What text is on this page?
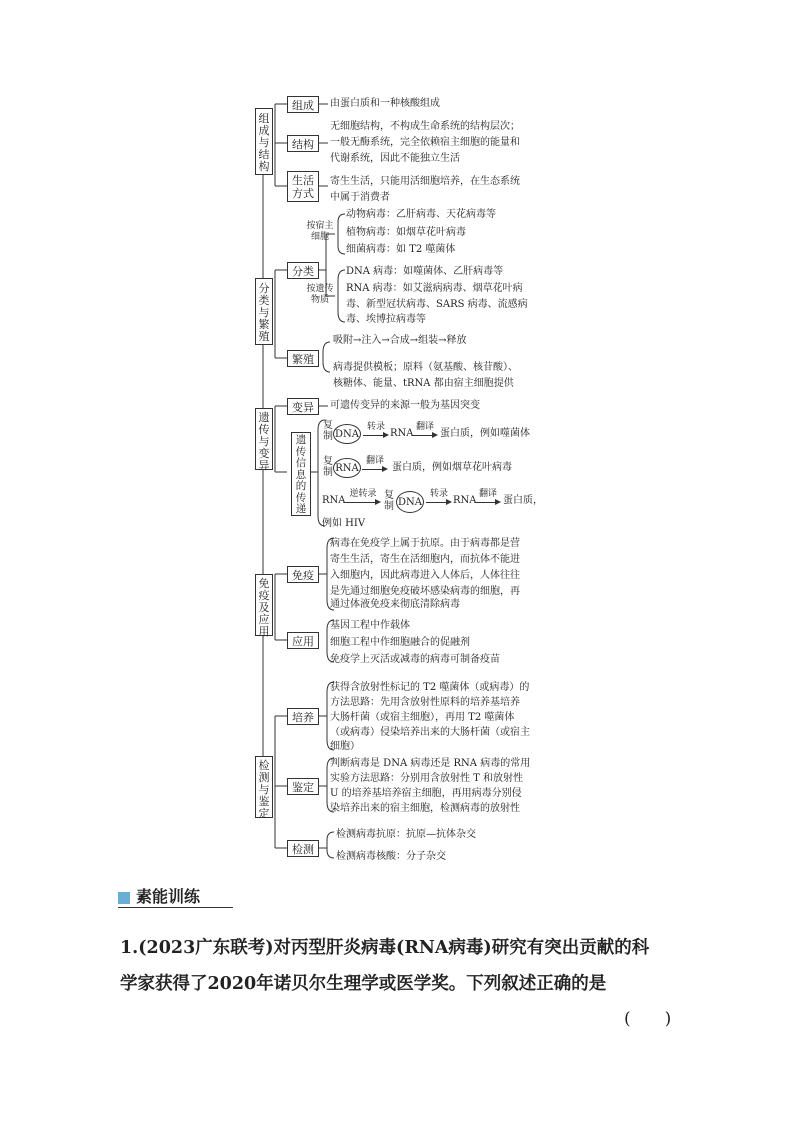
组
成
与
结
构
分
类
与
繁
殖
遗
传
与
变
异
免
疫
及
应
用
检
测
与
鉴
定
组成
结构
生活
方式
分类
繁殖
变异
遗
传
信
息
的
传
递
免疫
应用
培养
鉴定
检测
按宿主
细胞
按遗传
物质
由蛋白质和一种核酸组成
无细胞结构，不构成生命系统的结构层次；
一般无酶系统，完全依赖宿主细胞的能量和
代谢系统，因此不能独立生活
寄生生活，只能用活细胞培养，在生态系统
中属于消费者
动物病毒：乙肝病毒、天花病毒等
植物病毒：如烟草花叶病毒
细菌病毒：如 T2 噬菌体
DNA 病毒：如噬菌体、乙肝病毒等
RNA 病毒：如艾滋病病毒、烟草花叶病
毒、新型冠状病毒、SARS 病毒、流感病
毒、埃博拉病毒等
吸附→注入→合成→组装→释放
病毒提供模板；原料（氨基酸、核苷酸）、
核糖体、能量、tRNA 都由宿主细胞提供
可遗传变异的来源一般为基因突变
复
制 DNA
转录
RNA
翻译
蛋白质，例如噬菌体
复
制 RNA
翻译
蛋白质，例如烟草花叶病毒
RNA
逆转录 复
制 DNA
转录
RNA
翻译
蛋白质，
例如 HIV
病毒在免疫学上属于抗原。由于病毒都是营
寄生生活，寄生在活细胞内，而抗体不能进
入细胞内，因此病毒进入人体后，人体往往
是先通过细胞免疫破坏感染病毒的细胞，再
通过体液免疫来彻底清除病毒
基因工程中作载体
细胞工程中作细胞融合的促融剂
免疫学上灭活或减毒的病毒可制备疫苗
获得含放射性标记的 T2 噬菌体（或病毒）的
方法思路：先用含放射性原料的培养基培养
大肠杆菌（或宿主细胞），再用 T2 噬菌体
（或病毒）侵染培养出来的大肠杆菌（或宿主
细胞）
判断病毒是 DNA 病毒还是 RNA 病毒的常用
实验方法思路：分别用含放射性 T 和放射性
U 的培养基培养宿主细胞，再用病毒分别侵
染培养出来的宿主细胞，检测病毒的放射性
检测病毒抗原：抗原—抗体杂交
检测病毒核酸：分子杂交
素能训练
1.(2023广东联考)对丙型肝炎病毒(RNA病毒)研究有突出贡献的科
学家获得了2020年诺贝尔生理学或医学奖。下列叙述正确的是
(　　)
